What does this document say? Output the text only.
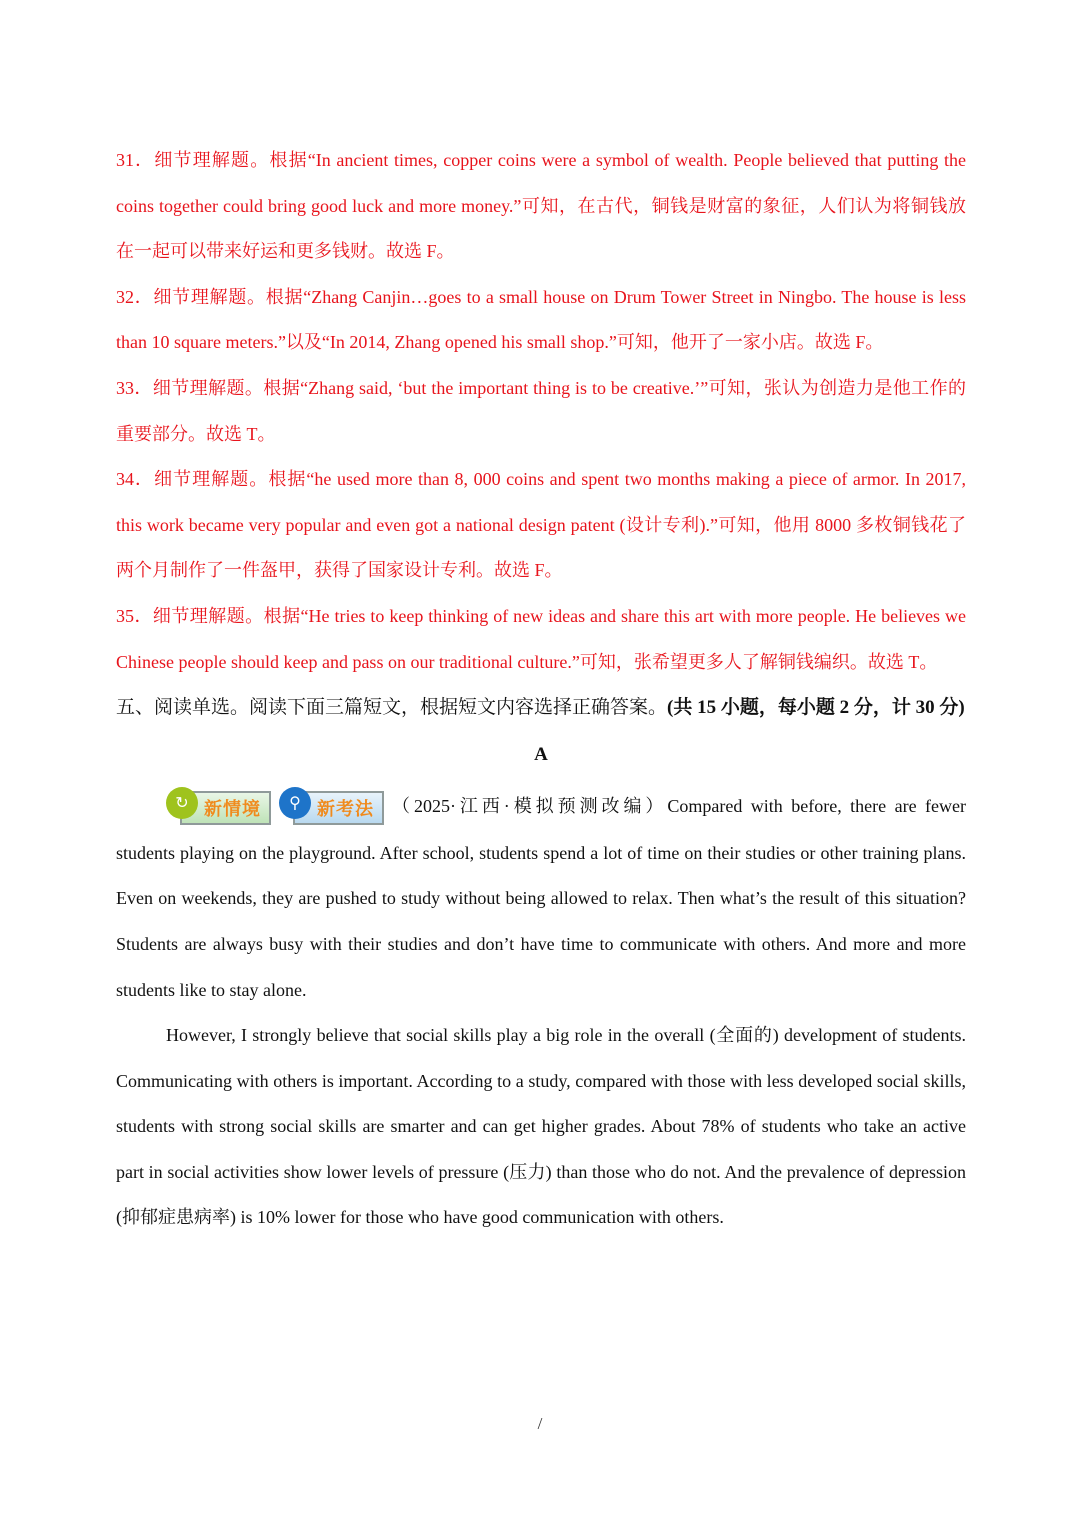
31．细节理解题。根据“In ancient times, copper coins were a symbol of wealth. People believed that putting the coins together could bring good luck and more money.”可知，在古代，铜钱是财富的象征，人们认为将铜钱放在一起可以带来好运和更多钱财。故选 F。

32．细节理解题。根据“Zhang Canjin…goes to a small house on Drum Tower Street in Ningbo. The house is less than 10 square meters.”以及“In 2014, Zhang opened his small shop.”可知，他开了一家小店。故选 F。

33．细节理解题。根据“Zhang said, ‘but the important thing is to be creative.’”可知，张认为创造力是他工作的重要部分。故选 T。

34．细节理解题。根据“he used more than 8, 000 coins and spent two months making a piece of armor. In 2017, this work became very popular and even got a national design patent (设计专利).”可知，他用 8000 多枚铜钱花了两个月制作了一件盔甲，获得了国家设计专利。故选 F。

35．细节理解题。根据“He tries to keep thinking of new ideas and share this art with more people. He believes we Chinese people should keep and pass on our traditional culture.”可知，张希望更多人了解铜钱编织。故选 T。

五、阅读单选。阅读下面三篇短文，根据短文内容选择正确答案。(共 15 小题，每小题 2 分，计 30 分)

A

↻ 新情境	⚲ 新考法	（2025·江西·模拟预测改编）Compared with before, there are fewer

students playing on the playground. After school, students spend a lot of time on their studies or other training plans. Even on weekends, they are pushed to study without being allowed to relax. Then what’s the result of this situation? Students are always busy with their studies and don’t have time to communicate with others. And more and more students like to stay alone.

However, I strongly believe that social skills play a big role in the overall (全面的) development of students. Communicating with others is important. According to a study, compared with those with less developed social skills, students with strong social skills are smarter and can get higher grades. About 78% of students who take an active part in social activities show lower levels of pressure (压力) than those who do not. And the prevalence of depression (抑郁症患病率) is 10% lower for those who have good communication with others.

/
